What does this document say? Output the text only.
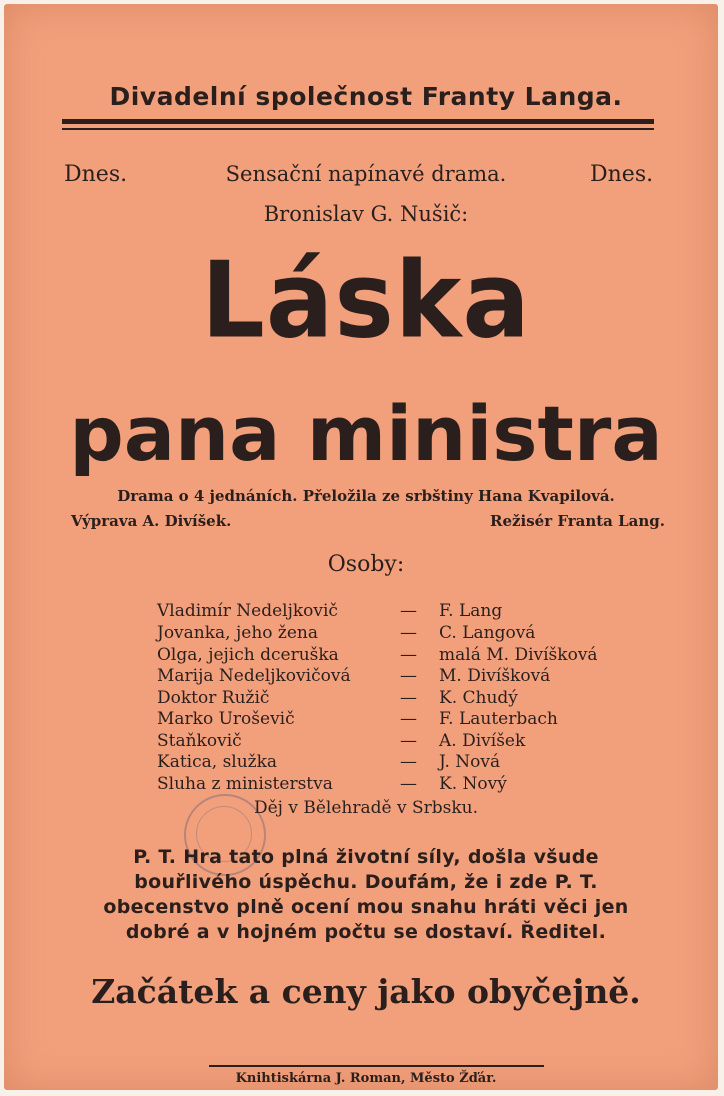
Divadelní společnost Franty Langa.
Dnes.	Sensační napínavé drama.	Dnes.
Bronislav G. Nušič:
Láska
pana ministra
Drama o 4 jednáních. Přeložila ze srbštiny Hana Kvapilová.
Výprava A. Divíšek.	Režisér Franta Lang.
Osoby:
Vladimír Nedeljkovič	— F. Lang
Jovanka, jeho žena	— C. Langová
Olga, jejich dceruška	— malá M. Divíšková
Marija Nedeljkovičová	— M. Divíšková
Doktor Ružič	— K. Chudý
Marko Uroševič	— F. Lauterbach
Staňkovič	— A. Divíšek
Katica, služka	— J. Nová
Sluha z ministerstva	— K. Nový
Děj v Bělehradě v Srbsku.
P. T. Hra tato plná životní síly, došla všude
bouřlivého úspěchu. Doufám, že i zde P. T.
obecenstvo plně ocení mou snahu hráti věci jen
dobré a v hojném počtu se dostaví. Ředitel.
Začátek a ceny jako obyčejně.
Knihtiskárna J. Roman, Město Žďár.
